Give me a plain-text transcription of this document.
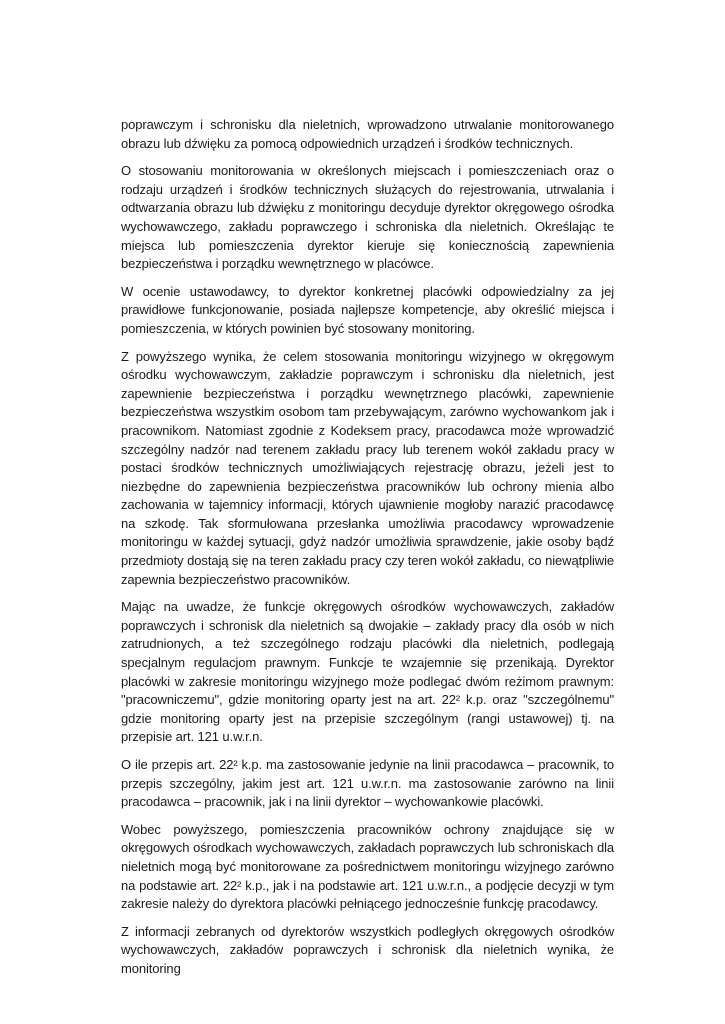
poprawczym i schronisku dla nieletnich, wprowadzono utrwalanie monitorowanego obrazu lub dźwięku za pomocą odpowiednich urządzeń i środków technicznych.

O stosowaniu monitorowania w określonych miejscach i pomieszczeniach oraz o rodzaju urządzeń i środków technicznych służących do rejestrowania, utrwalania i odtwarzania obrazu lub dźwięku z monitoringu decyduje dyrektor okręgowego ośrodka wychowawczego, zakładu poprawczego i schroniska dla nieletnich. Określając te miejsca lub pomieszczenia dyrektor kieruje się koniecznością zapewnienia bezpieczeństwa i porządku wewnętrznego w placówce.

W ocenie ustawodawcy, to dyrektor konkretnej placówki odpowiedzialny za jej prawidłowe funkcjonowanie, posiada najlepsze kompetencje, aby określić miejsca i pomieszczenia, w których powinien być stosowany monitoring.

Z powyższego wynika, że celem stosowania monitoringu wizyjnego w okręgowym ośrodku wychowawczym, zakładzie poprawczym i schronisku dla nieletnich, jest zapewnienie bezpieczeństwa i porządku wewnętrznego placówki, zapewnienie bezpieczeństwa wszystkim osobom tam przebywającym, zarówno wychowankom jak i pracownikom. Natomiast zgodnie z Kodeksem pracy, pracodawca może wprowadzić szczególny nadzór nad terenem zakładu pracy lub terenem wokół zakładu pracy w postaci środków technicznych umożliwiających rejestrację obrazu, jeżeli jest to niezbędne do zapewnienia bezpieczeństwa pracowników lub ochrony mienia albo zachowania w tajemnicy informacji, których ujawnienie mogłoby narazić pracodawcę na szkodę. Tak sformułowana przesłanka umożliwia pracodawcy wprowadzenie monitoringu w każdej sytuacji, gdyż nadzór umożliwia sprawdzenie, jakie osoby bądź przedmioty dostają się na teren zakładu pracy czy teren wokół zakładu, co niewątpliwie zapewnia bezpieczeństwo pracowników.

Mając na uwadze, że funkcje okręgowych ośrodków wychowawczych, zakładów poprawczych i schronisk dla nieletnich są dwojakie – zakłady pracy dla osób w nich zatrudnionych, a też szczególnego rodzaju placówki dla nieletnich, podlegają specjalnym regulacjom prawnym. Funkcje te wzajemnie się przenikają. Dyrektor placówki w zakresie monitoringu wizyjnego może podlegać dwóm reżimom prawnym: "pracowniczemu", gdzie monitoring oparty jest na art. 22² k.p. oraz "szczególnemu" gdzie monitoring oparty jest na przepisie szczególnym (rangi ustawowej) tj. na przepisie art. 121 u.w.r.n.

O ile przepis art. 22² k.p. ma zastosowanie jedynie na linii pracodawca – pracownik, to przepis szczególny, jakim jest art. 121 u.w.r.n. ma zastosowanie zarówno na linii pracodawca – pracownik, jak i na linii dyrektor – wychowankowie placówki.

Wobec powyższego, pomieszczenia pracowników ochrony znajdujące się w okręgowych ośrodkach wychowawczych, zakładach poprawczych lub schroniskach dla nieletnich mogą być monitorowane za pośrednictwem monitoringu wizyjnego zarówno na podstawie art. 22² k.p., jak i na podstawie art. 121 u.w.r.n., a podjęcie decyzji w tym zakresie należy do dyrektora placówki pełniącego jednocześnie funkcję pracodawcy.

Z informacji zebranych od dyrektorów wszystkich podległych okręgowych ośrodków wychowawczych, zakładów poprawczych i schronisk dla nieletnich wynika, że monitoring
